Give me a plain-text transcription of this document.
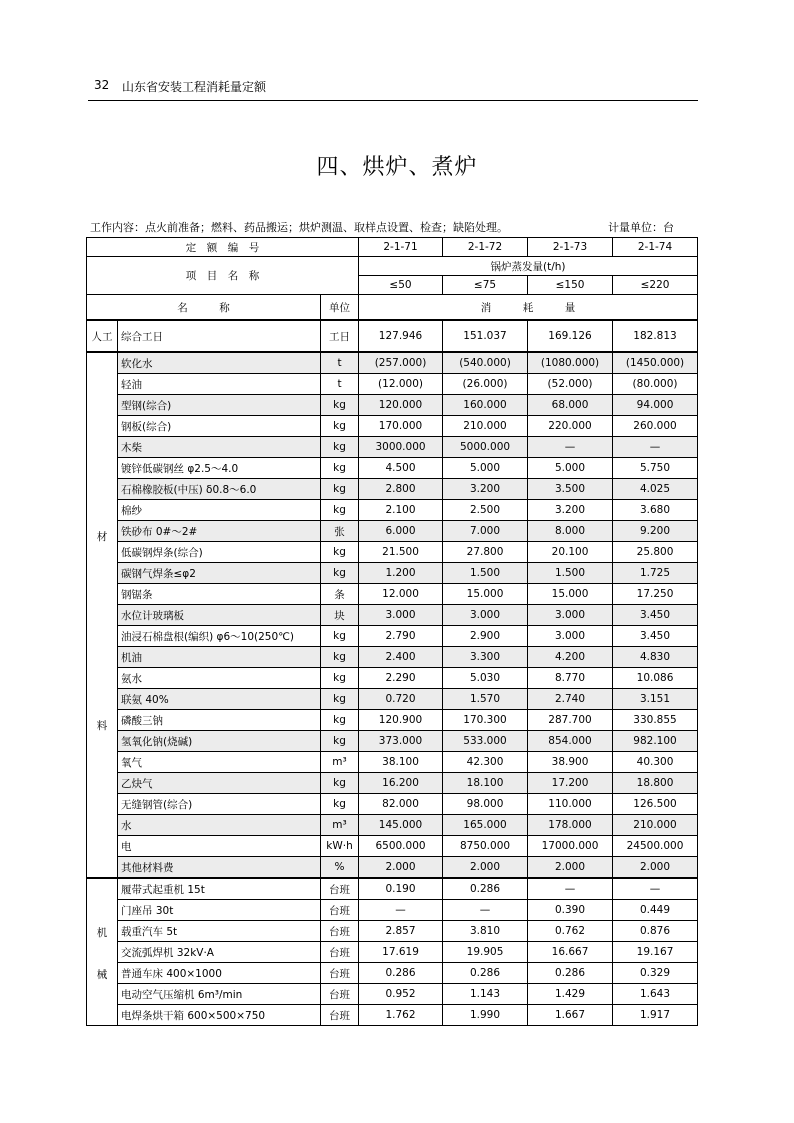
32 山东省安装工程消耗量定额
四、烘炉、煮炉
工作内容：点火前准备；燃料、药品搬运；烘炉测温、取样点设置、检查；缺陷处理。	计量单位：台
定　额　编　号			2-1-71	2-1-72	2-1-73	2-1-74
项　目　名　称			锅炉蒸发量(t/h)			
			≤50	≤75	≤150	≤220
名　　　称		单位	消　　　耗　　　量			
人工	综合工日	工日	127.946	151.037	169.126	182.813

材
料	软化水	t	(257.000)	(540.000)	(1080.000)	(1450.000)
	轻油	t	(12.000)	(26.000)	(52.000)	(80.000)
	型钢(综合)	kg	120.000	160.000	68.000	94.000
	钢板(综合)	kg	170.000	210.000	220.000	260.000
	木柴	kg	3000.000	5000.000	—	—
	镀锌低碳钢丝 φ2.5～4.0	kg	4.500	5.000	5.000	5.750
	石棉橡胶板(中压) δ0.8～6.0	kg	2.800	3.200	3.500	4.025
	棉纱	kg	2.100	2.500	3.200	3.680
	铁砂布 0#～2#	张	6.000	7.000	8.000	9.200
	低碳钢焊条(综合)	kg	21.500	27.800	20.100	25.800
	碳钢气焊条≤φ2	kg	1.200	1.500	1.500	1.725
	钢锯条	条	12.000	15.000	15.000	17.250
	水位计玻璃板	块	3.000	3.000	3.000	3.450
	油浸石棉盘根(编织) φ6～10(250℃)	kg	2.790	2.900	3.000	3.450
	机油	kg	2.400	3.300	4.200	4.830
	氨水	kg	2.290	5.030	8.770	10.086
	联氨 40%	kg	0.720	1.570	2.740	3.151
	磷酸三钠	kg	120.900	170.300	287.700	330.855
	氢氧化钠(烧碱)	kg	373.000	533.000	854.000	982.100
	氧气	m³	38.100	42.300	38.900	40.300
	乙炔气	kg	16.200	18.100	17.200	18.800
	无缝钢管(综合)	kg	82.000	98.000	110.000	126.500
	水	m³	145.000	165.000	178.000	210.000
	电	kW·h	6500.000	8750.000	17000.000	24500.000
	其他材料费	%	2.000	2.000	2.000	2.000

机
械	履带式起重机 15t	台班	0.190	0.286	—	—
	门座吊 30t	台班	—	—	0.390	0.449
	载重汽车 5t	台班	2.857	3.810	0.762	0.876
	交流弧焊机 32kV·A	台班	17.619	19.905	16.667	19.167
	普通车床 400×1000	台班	0.286	0.286	0.286	0.329
	电动空气压缩机 6m³/min	台班	0.952	1.143	1.429	1.643
	电焊条烘干箱 600×500×750	台班	1.762	1.990	1.667	1.917
